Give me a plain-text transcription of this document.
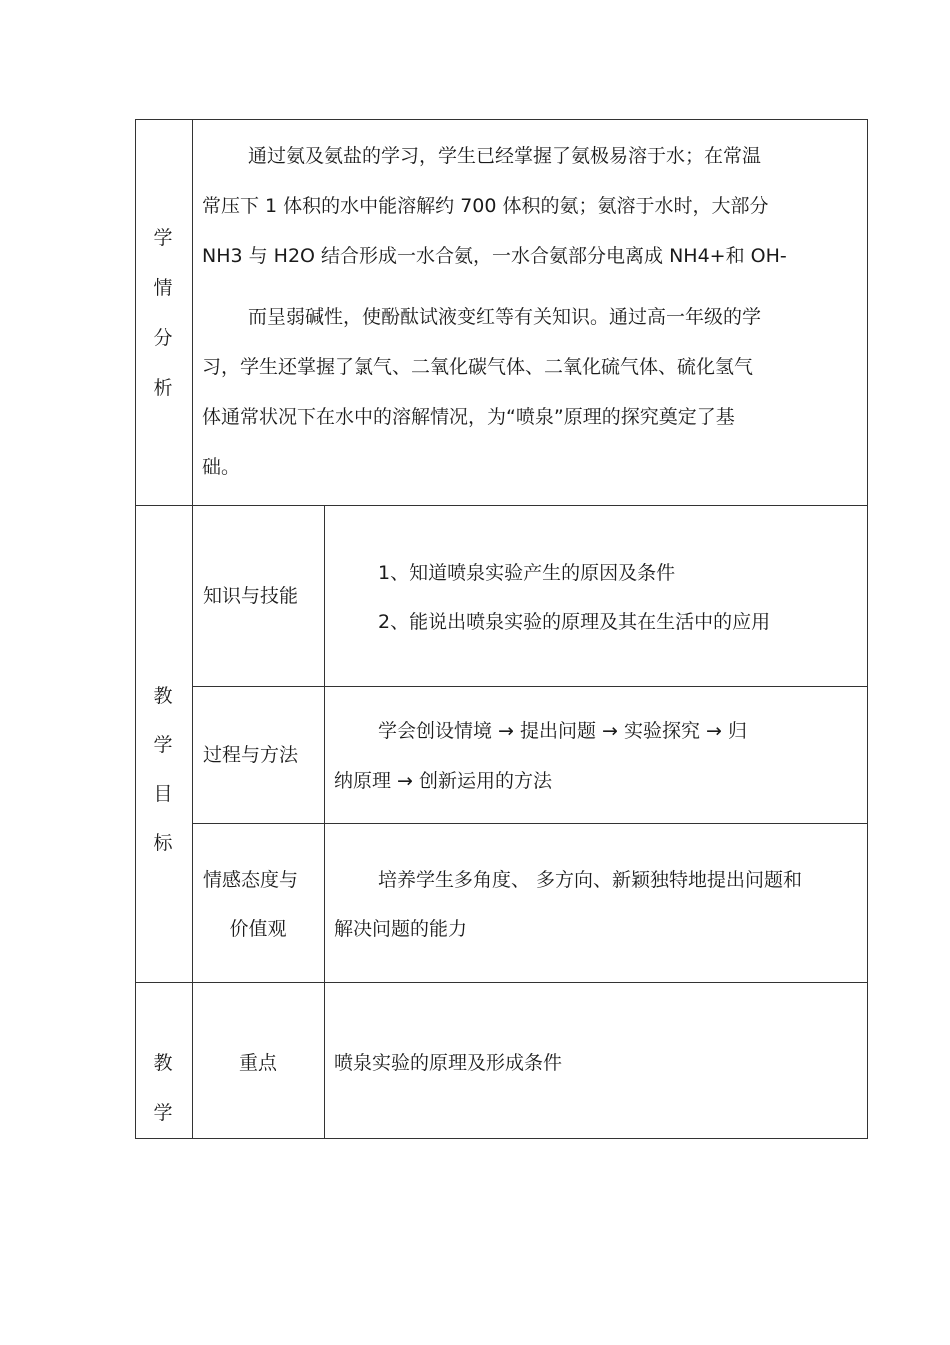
学
情
分
析
通过氨及氨盐的学习，学生已经掌握了氨极易溶于水；在常温
常压下 1 体积的水中能溶解约 700 体积的氨；氨溶于水时，大部分
NH3 与 H2O 结合形成一水合氨，一水合氨部分电离成 NH4+和 OH-
而呈弱碱性，使酚酞试液变红等有关知识。通过高一年级的学
习，学生还掌握了氯气、二氧化碳气体、二氧化硫气体、硫化氢气
体通常状况下在水中的溶解情况，为“喷泉”原理的探究奠定了基
础。
教
学
目
标
知识与技能
1、知道喷泉实验产生的原因及条件
2、能说出喷泉实验的原理及其在生活中的应用
过程与方法
学会创设情境 → 提出问题 → 实验探究 → 归
纳原理 → 创新运用的方法
情感态度与
价值观
培养学生多角度、 多方向、新颖独特地提出问题和
解决问题的能力
教
学
重点	喷泉实验的原理及形成条件
